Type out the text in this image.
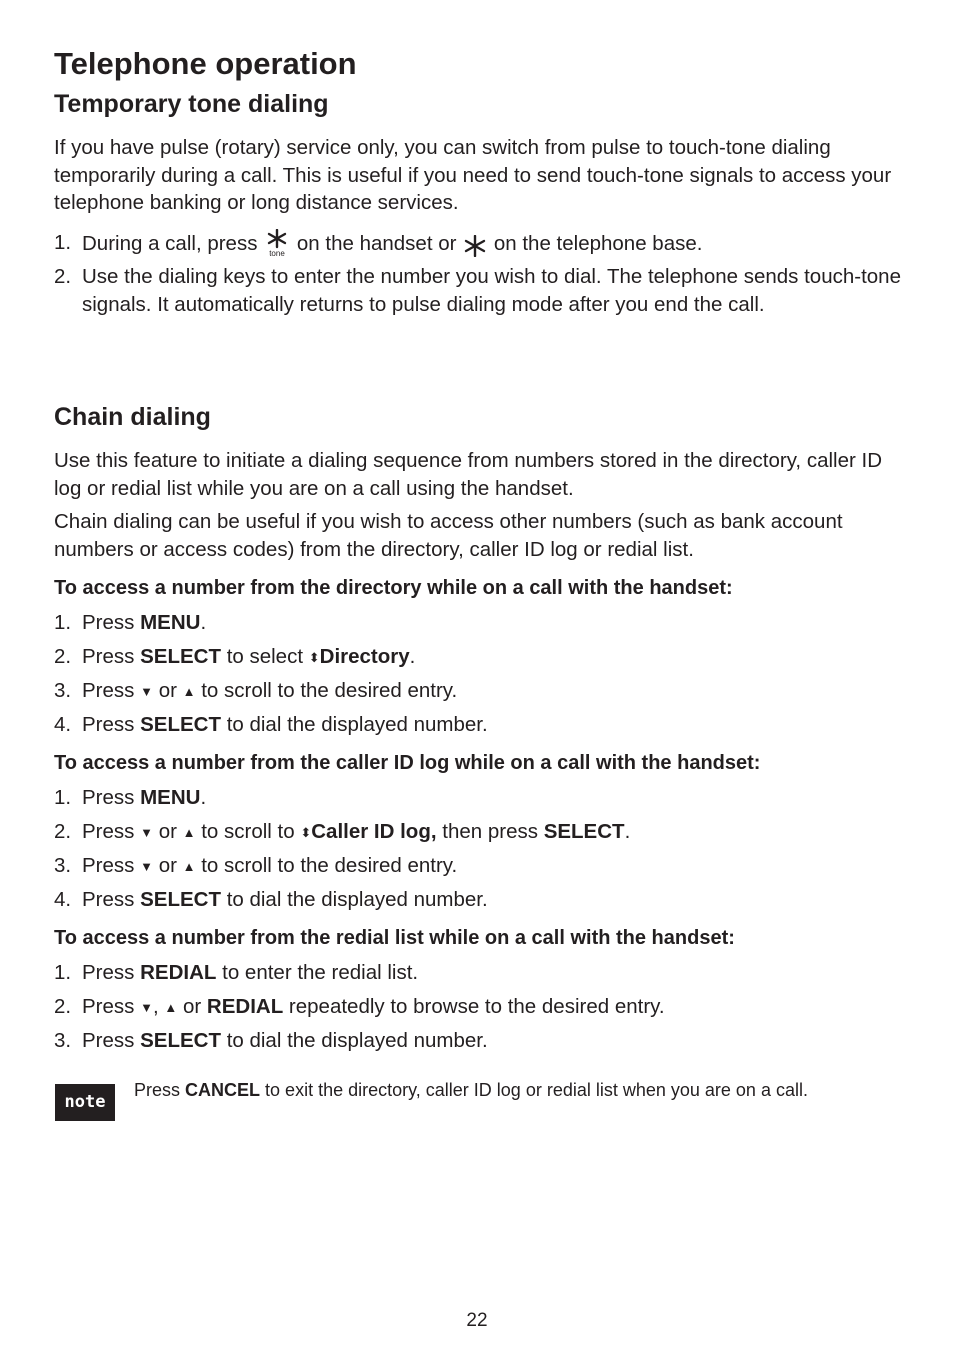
Telephone operation
Temporary tone dialing

If you have pulse (rotary) service only, you can switch from pulse to touch-tone dialing temporarily during a call. This is useful if you need to send touch-tone signals to access your telephone banking or long distance services.

1. During a call, press tone on the handset or on the telephone base.
2. Use the dialing keys to enter the number you wish to dial. The telephone sends touch-tone signals. It automatically returns to pulse dialing mode after you end the call.
Chain dialing

Use this feature to initiate a dialing sequence from numbers stored in the directory, caller ID log or redial list while you are on a call using the handset.

Chain dialing can be useful if you wish to access other numbers (such as bank account numbers or access codes) from the directory, caller ID log or redial list.

To access a number from the directory while on a call with the handset:

1. Press MENU.
2. Press SELECT to select ⬍Directory.
3. Press ▼ or ▲ to scroll to the desired entry.
4. Press SELECT to dial the displayed number.

To access a number from the caller ID log while on a call with the handset:

1. Press MENU.
2. Press ▼ or ▲ to scroll to ⬍Caller ID log, then press SELECT.
3. Press ▼ or ▲ to scroll to the desired entry.
4. Press SELECT to dial the displayed number.

To access a number from the redial list while on a call with the handset:

1. Press REDIAL to enter the redial list.
2. Press ▼, ▲ or REDIAL repeatedly to browse to the desired entry.
3. Press SELECT to dial the displayed number.
note

Press CANCEL to exit the directory, caller ID log or redial list when you are on a call.

22
